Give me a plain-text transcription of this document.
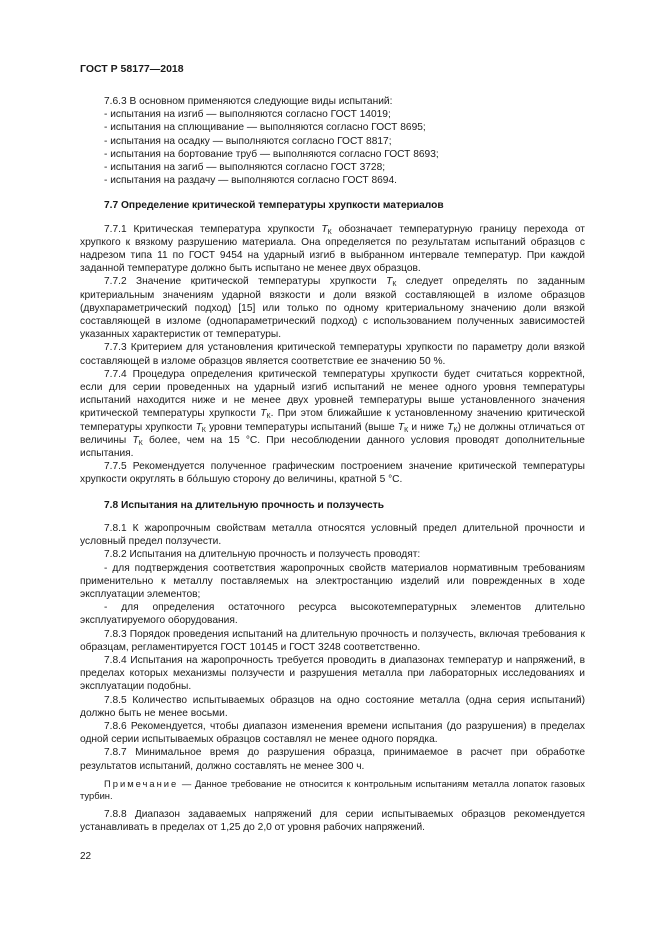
ГОСТ Р 58177—2018

7.6.3 В основном применяются следующие виды испытаний:

- испытания на изгиб — выполняются согласно ГОСТ 14019;

- испытания на сплющивание — выполняются согласно ГОСТ 8695;

- испытания на осадку — выполняются согласно ГОСТ 8817;

- испытания на бортование труб — выполняются согласно ГОСТ 8693;

- испытания на загиб — выполняются согласно ГОСТ 3728;

- испытания на раздачу — выполняются согласно ГОСТ 8694.

7.7 Определение критической температуры хрупкости материалов

7.7.1 Критическая температура хрупкости $T_К$ обозначает температурную границу перехода от хрупкого к вязкому разрушению материала. Она определяется по результатам испытаний образцов с надрезом типа 11 по ГОСТ 9454 на ударный изгиб в выбранном интервале температур. При каждой заданной температуре должно быть испытано не менее двух образцов.

7.7.2 Значение критической температуры хрупкости $T_К$ следует определять по заданным критериальным значениям ударной вязкости и доли вязкой составляющей в изломе образцов (двухпараметрический подход) [15] или только по одному критериальному значению доли вязкой составляющей в изломе (однопараметрический подход) с использованием полученных зависимостей указанных характеристик от температуры.

7.7.3 Критерием для установления критической температуры хрупкости по параметру доли вязкой составляющей в изломе образцов является соответствие ее значению 50 %.

7.7.4 Процедура определения критической температуры хрупкости будет считаться корректной, если для серии проведенных на ударный изгиб испытаний не менее одного уровня температуры испытаний находится ниже и не менее двух уровней температуры выше установленного значения критической температуры хрупкости $T_К$. При этом ближайшие к установленному значению критической температуры хрупкости $T_К$ уровни температуры испытаний (выше $T_К$ и ниже $T_К$) не должны отличаться от величины $T_К$ более, чем на 15 °С. При несоблюдении данного условия проводят дополнительные испытания.

7.7.5 Рекомендуется полученное графическим построением значение критической температуры хрупкости округлять в бо́льшую сторону до величины, кратной 5 °С.

7.8 Испытания на длительную прочность и ползучесть

7.8.1 К жаропрочным свойствам металла относятся условный предел длительной прочности и условный предел ползучести.

7.8.2 Испытания на длительную прочность и ползучесть проводят:

- для подтверждения соответствия жаропрочных свойств материалов нормативным требованиям применительно к металлу поставляемых на электростанцию изделий или поврежденных в ходе эксплуатации элементов;

- для определения остаточного ресурса высокотемпературных элементов длительно эксплуатируемого оборудования.

7.8.3 Порядок проведения испытаний на длительную прочность и ползучесть, включая требования к образцам, регламентируется ГОСТ 10145 и ГОСТ 3248 соответственно.

7.8.4 Испытания на жаропрочность требуется проводить в диапазонах температур и напряжений, в пределах которых механизмы ползучести и разрушения металла при лабораторных исследованиях и эксплуатации подобны.

7.8.5 Количество испытываемых образцов на одно состояние металла (одна серия испытаний) должно быть не менее восьми.

7.8.6 Рекомендуется, чтобы диапазон изменения времени испытания (до разрушения) в пределах одной серии испытываемых образцов составлял не менее одного порядка.

7.8.7 Минимальное время до разрушения образца, принимаемое в расчет при обработке результатов испытаний, должно составлять не менее 300 ч.

Примечание — Данное требование не относится к контрольным испытаниям металла лопаток газовых турбин.

7.8.8 Диапазон задаваемых напряжений для серии испытываемых образцов рекомендуется устанавливать в пределах от 1,25 до 2,0 от уровня рабочих напряжений.

22
